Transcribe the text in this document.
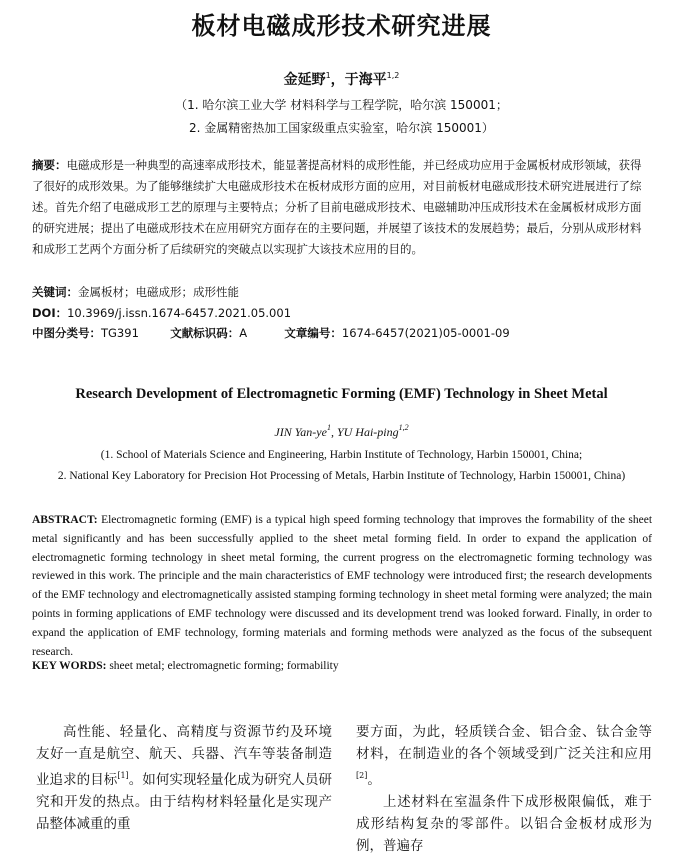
板材电磁成形技术研究进展
金延野$^1$，于海平$^{1,2}$
（1. 哈尔滨工业大学 材料科学与工程学院，哈尔滨 150001；
2. 金属精密热加工国家级重点实验室，哈尔滨 150001）
摘要：电磁成形是一种典型的高速率成形技术，能显著提高材料的成形性能，并已经成功应用于金属板材成形领域，获得了很好的成形效果。为了能够继续扩大电磁成形技术在板材成形方面的应用，对目前板材电磁成形技术研究进展进行了综述。首先介绍了电磁成形工艺的原理与主要特点；分析了目前电磁成形技术、电磁辅助冲压成形技术在金属板材成形方面的研究进展；提出了电磁成形技术在应用研究方面存在的主要问题，并展望了该技术的发展趋势；最后，分别从成形材料和成形工艺两个方面分析了后续研究的突破点以实现扩大该技术应用的目的。
关键词：金属板材；电磁成形；成形性能
DOI：10.3969/j.issn.1674-6457.2021.05.001
中图分类号：TG391	文献标识码：A	文章编号：1674-6457(2021)05-0001-09
Research Development of Electromagnetic Forming (EMF) Technology in Sheet Metal
JIN Yan-$ye^1$, YU Hai-ping$^{1,2}$
(1. School of Materials Science and Engineering, Harbin Institute of Technology, Harbin 150001, China;
2. National Key Laboratory for Precision Hot Processing of Metals, Harbin Institute of Technology, Harbin 150001, China)
ABSTRACT: Electromagnetic forming (EMF) is a typical high speed forming technology that improves the formability of the sheet metal significantly and has been successfully applied to the sheet metal forming field. In order to expand the application of electromagnetic forming technology in sheet metal forming, the current progress on the electromagnetic forming technology was reviewed in this work. The principle and the main characteristics of EMF technology were introduced first; the research developments of the EMF technology and electromagnetically assisted stamping forming technology in sheet metal forming were analyzed; the main points in forming applications of EMF technology were discussed and its development trend was looked forward. Finally, in order to expand the application of EMF technology, forming materials and forming methods were analyzed as the focus of the subsequent research.
KEY WORDS: sheet metal; electromagnetic forming; formability
高性能、轻量化、高精度与资源节约及环境友好一直是航空、航天、兵器、汽车等装备制造业追求的目标[1]。如何实现轻量化成为研究人员研究和开发的热点。由于结构材料轻量化是实现产品整体减重的重
要方面，为此，轻质镁合金、铝合金、钛合金等材料，在制造业的各个领域受到广泛关注和应用[2]。
上述材料在室温条件下成形极限偏低，难于成形结构复杂的零部件。以铝合金板材成形为例，普遍存
